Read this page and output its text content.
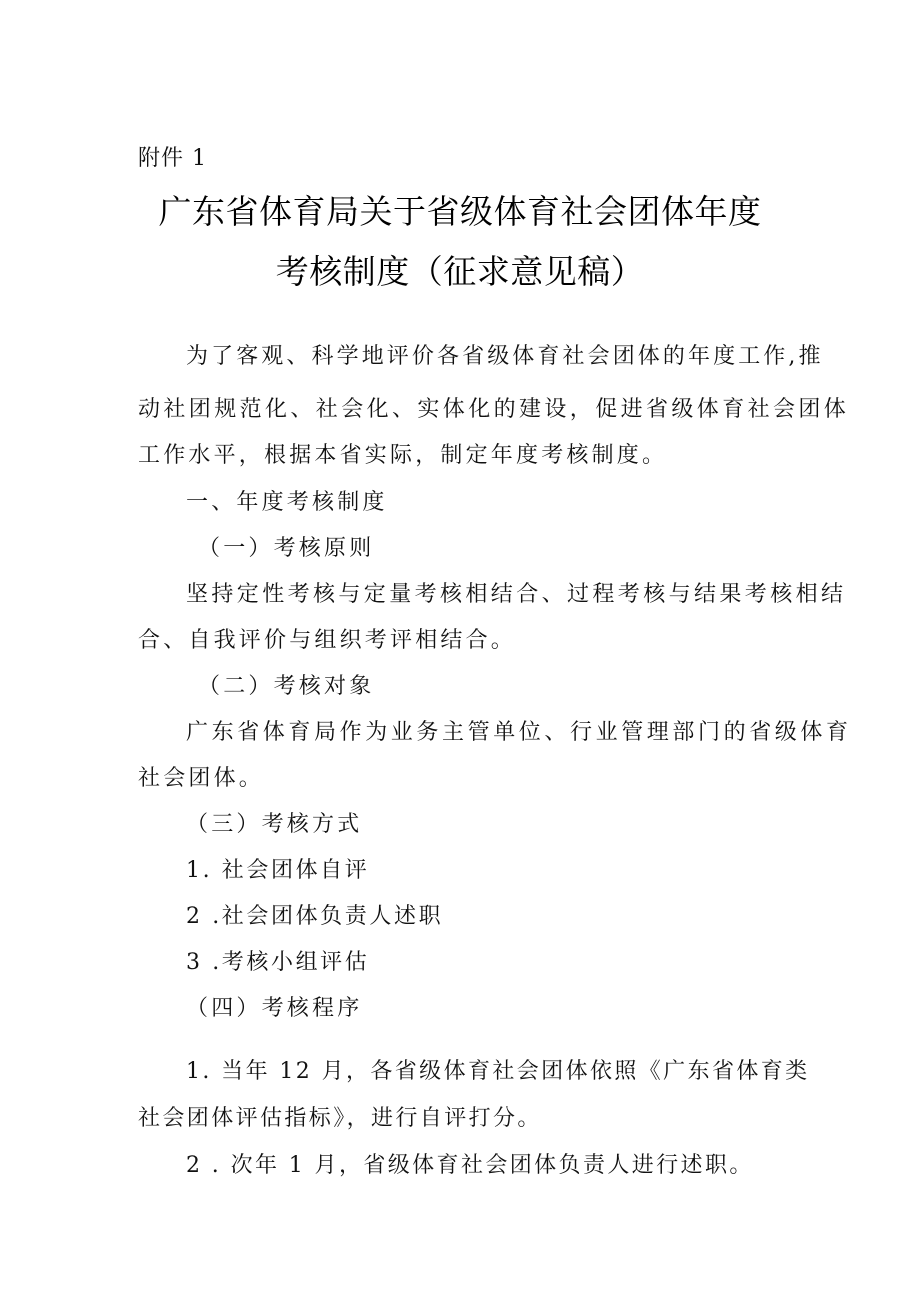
附件 1
广东省体育局关于省级体育社会团体年度
考核制度（征求意见稿）
为了客观、科学地评价各省级体育社会团体的年度工作,推
动社团规范化、社会化、实体化的建设，促进省级体育社会团体
工作水平，根据本省实际，制定年度考核制度。
一、年度考核制度
（一）考核原则
坚持定性考核与定量考核相结合、过程考核与结果考核相结
合、自我评价与组织考评相结合。
（二）考核对象
广东省体育局作为业务主管单位、行业管理部门的省级体育
社会团体。
（三）考核方式
1. 社会团体自评
2 .社会团体负责人述职
3 .考核小组评估
（四）考核程序
1. 当年 12 月，各省级体育社会团体依照《广东省体育类
社会团体评估指标》，进行自评打分。
2 . 次年 1 月，省级体育社会团体负责人进行述职。
